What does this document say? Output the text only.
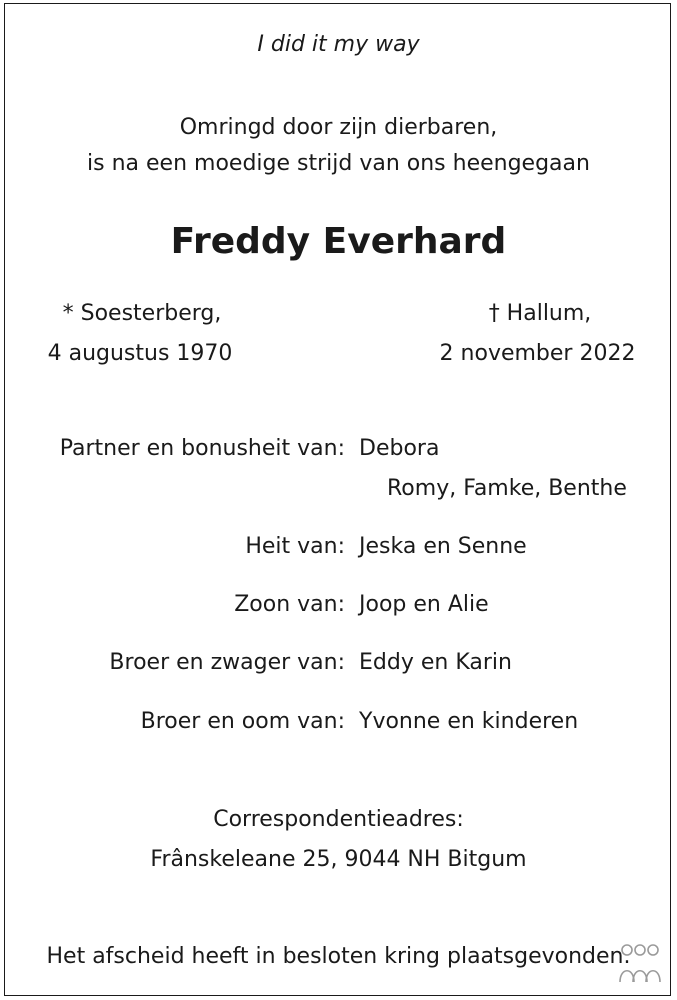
I did it my way
Omringd door zijn dierbaren,
is na een moedige strijd van ons heengegaan
Freddy Everhard
* Soesterberg,
4 augustus 1970
† Hallum,
2 november 2022
Partner en bonusheit van: Debora
Romy, Famke, Benthe
Heit van: Jeska en Senne
Zoon van: Joop en Alie
Broer en zwager van: Eddy en Karin
Broer en oom van: Yvonne en kinderen
Correspondentieadres:
Frânskeleane 25, 9044 NH Bitgum
Het afscheid heeft in besloten kring plaatsgevonden.
